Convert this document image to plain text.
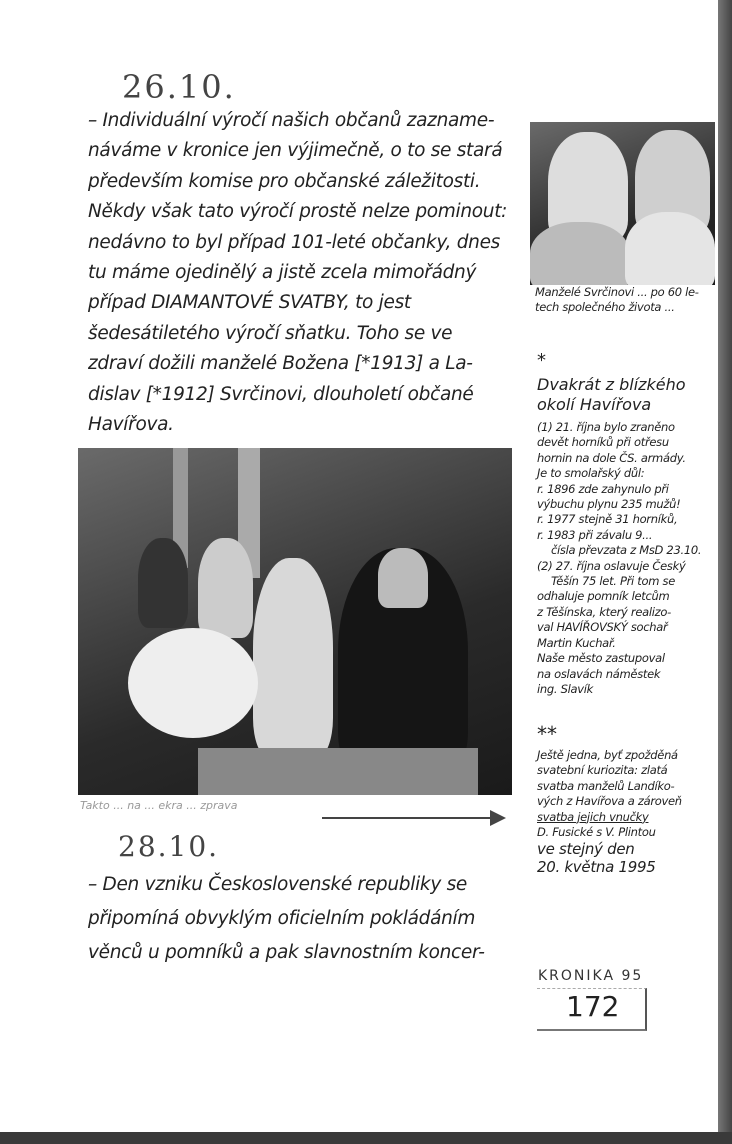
26.10.

– Individuální výročí našich občanů zazname-

náváme v kronice jen výjimečně, o to se stará

především komise pro občanské záležitosti.

Někdy však tato výročí prostě nelze pominout:

nedávno to byl případ 101-leté občanky, dnes

tu máme ojedinělý a jistě zcela mimořádný

případ DIAMANTOVÉ SVATBY, to jest

šedesátiletého výročí sňatku. Toho se ve

zdraví dožili manželé Božena [*1913] a La-

dislav [*1912] Svrčinovi, dlouholetí občané

Havířova.

Manželé Svrčinovi ... po 60 le-

tech společného života ...

*
Dvakrát z blízkého
okolí Havířova

(1) 21. října bylo zraněno

devět horníků při otřesu

hornin na dole ČS. armády.

Je to smolařský důl:

r. 1896 zde zahynulo při

výbuchu plynu 235 mužů!

r. 1977 stejně 31 horníků,

r. 1983 při závalu 9...

čísla převzata z MsD 23.10.

(2) 27. října oslavuje Český

Těšín 75 let. Při tom se

odhaluje pomník letcům

z Těšínska, který realizo-

val HAVÍŘOVSKÝ sochař

Martin Kuchař.

Naše město zastupoval

na oslavách náměstek

ing. Slavík

**

Ještě jedna, byť zpožděná

svatební kuriozita: zlatá

svatba manželů Landíko-

vých z Havířova a zároveň

svatba jejich vnučky

D. Fusické s V. Plintou

ve stejný den

20. května 1995

Takto ... na ... ekra ... zprava
28.10.

– Den vzniku Československé republiky se

připomíná obvyklým oficielním pokládáním

věnců u pomníků a pak slavnostním koncer-

KRONIKA 95
172
